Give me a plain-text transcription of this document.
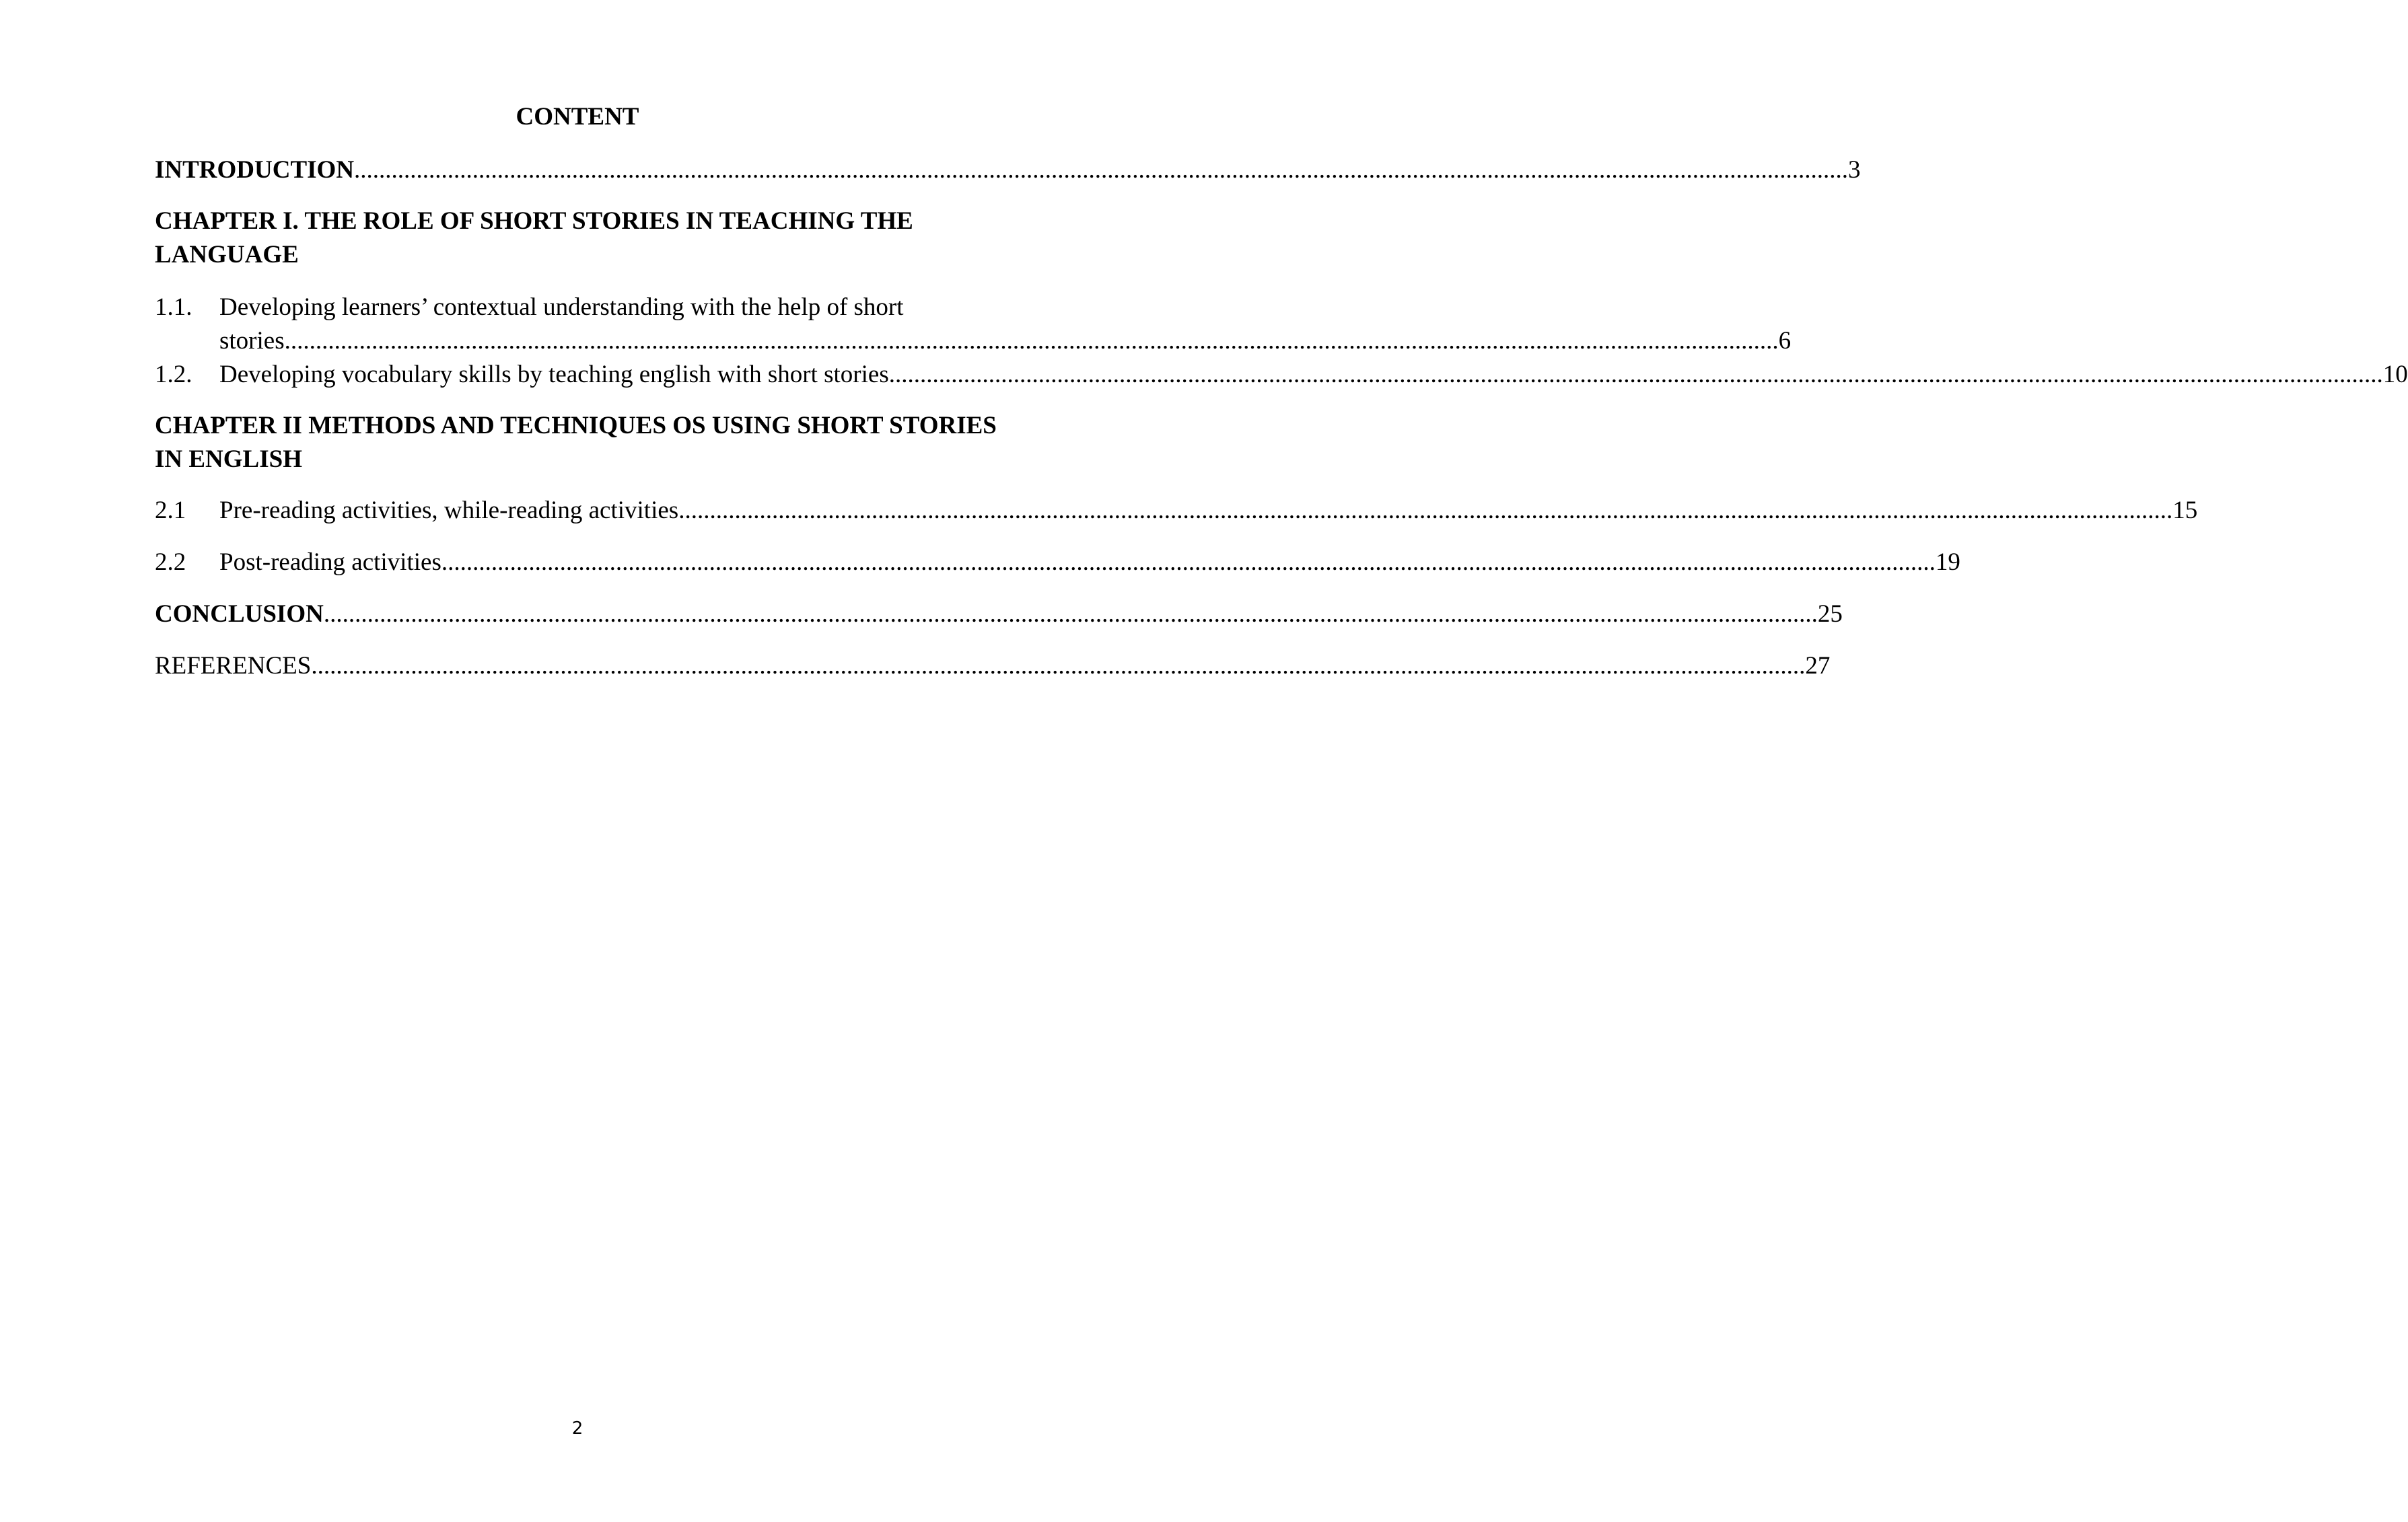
CONTENT
INTRODUCTION .....	3
CHAPTER I. THE ROLE OF SHORT STORIES IN TEACHING THE LANGUAGE
1.1.	Developing learners’ contextual understanding with the help of short
stories .....	6
1.2.	Developing vocabulary skills by teaching english with short stories .....	10
CHAPTER II METHODS AND TECHNIQUES OS USING SHORT STORIES IN ENGLISH
2.1	Pre-reading activities, while-reading activities .....	15
2.2	Post-reading activities .....	19
CONCLUSION .....	25
REFERENCES .....	27
2
